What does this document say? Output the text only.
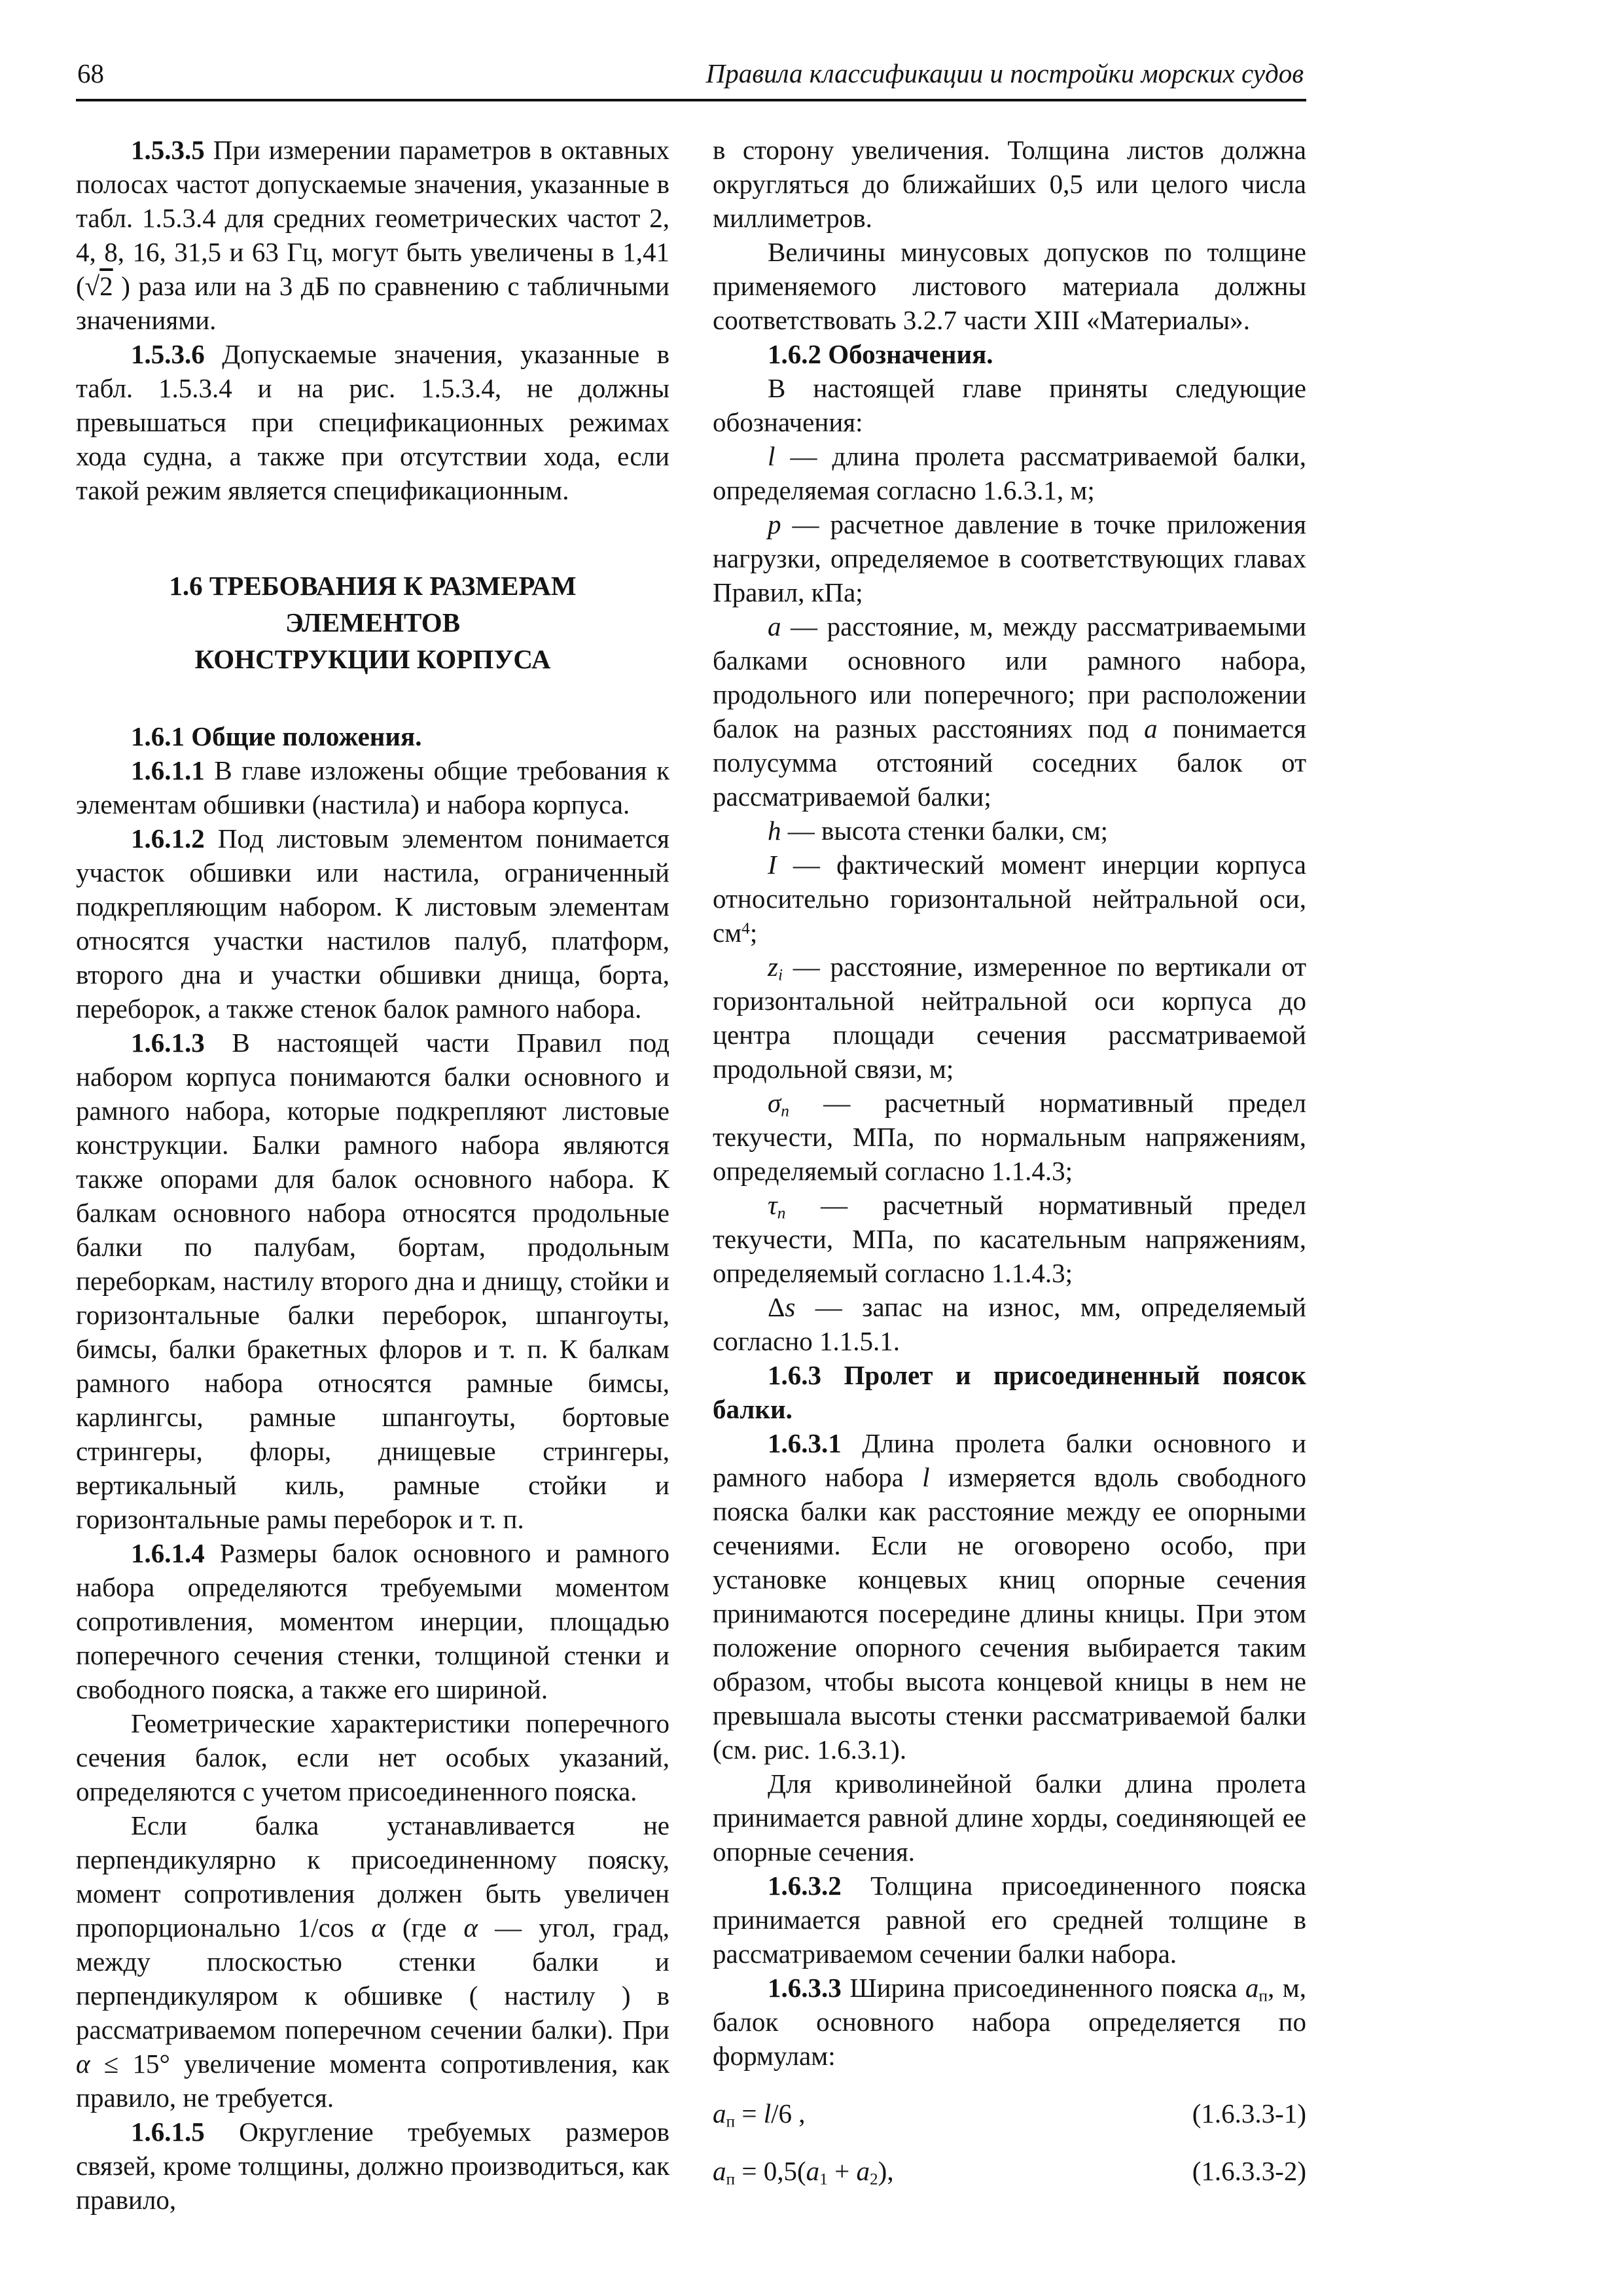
68	Правила классификации и постройки морских судов
1.5.3.5 При измерении параметров в октавных полосах частот допускаемые значения, указанные в табл. 1.5.3.4 для средних геометрических частот 2, 4, 8, 16, 31,5 и 63 Гц, могут быть увеличены в 1,41 (√2 ) раза или на 3 дБ по сравнению с табличными значениями.
1.5.3.6 Допускаемые значения, указанные в табл. 1.5.3.4 и на рис. 1.5.3.4, не должны превышаться при спецификационных режимах хода судна, а также при отсутствии хода, если такой режим является спецификационным.
1.6 ТРЕБОВАНИЯ К РАЗМЕРАМ ЭЛЕМЕНТОВ
КОНСТРУКЦИИ КОРПУСА
1.6.1 Общие положения.
1.6.1.1 В главе изложены общие требования к элементам обшивки (настила) и набора корпуса.
1.6.1.2 Под листовым элементом понимается участок обшивки или настила, ограниченный подкрепляющим набором. К листовым элементам относятся участки настилов палуб, платформ, второго дна и участки обшивки днища, борта, переборок, а также стенок балок рамного набора.
1.6.1.3 В настоящей части Правил под набором корпуса понимаются балки основного и рамного набора, которые подкрепляют листовые конструкции. Балки рамного набора являются также опорами для балок основного набора. К балкам основного набора относятся продольные балки по палубам, бортам, продольным переборкам, настилу второго дна и днищу, стойки и горизонтальные балки переборок, шпангоуты, бимсы, балки бракетных флоров и т. п. К балкам рамного набора относятся рамные бимсы, карлингсы, рамные шпангоуты, бортовые стрингеры, флоры, днищевые стрингеры, вертикальный киль, рамные стойки и горизонтальные рамы переборок и т. п.
1.6.1.4 Размеры балок основного и рамного набора определяются требуемыми моментом сопротивления, моментом инерции, площадью поперечного сечения стенки, толщиной стенки и свободного пояска, а также его шириной.
Геометрические характеристики поперечного сечения балок, если нет особых указаний, определяются с учетом присоединенного пояска.
Если балка устанавливается не перпендикулярно к присоединенному пояску, момент сопротивления должен быть увеличен пропорционально 1/cos α (где α — угол, град, между плоскостью стенки балки и перпендикуляром к обшивке ( настилу ) в рассматриваемом поперечном сечении балки). При α ≤ 15° увеличение момента сопротивления, как правило, не требуется.
1.6.1.5 Округление требуемых размеров связей, кроме толщины, должно производиться, как правило,
в сторону увеличения. Толщина листов должна округляться до ближайших 0,5 или целого числа миллиметров.
Величины минусовых допусков по толщине применяемого листового материала должны соответствовать 3.2.7 части XIII «Материалы».
1.6.2 Обозначения.
В настоящей главе приняты следующие обозначения:
l — длина пролета рассматриваемой балки, определяемая согласно 1.6.3.1, м;
p — расчетное давление в точке приложения нагрузки, определяемое в соответствующих главах Правил, кПа;
a — расстояние, м, между рассматриваемыми балками основного или рамного набора, продольного или поперечного; при расположении балок на разных расстояниях под a понимается полусумма отстояний соседних балок от рассматриваемой балки;
h — высота стенки балки, см;
I — фактический момент инерции корпуса относительно горизонтальной нейтральной оси, $см^4$;
$z_i$ — расстояние, измеренное по вертикали от горизонтальной нейтральной оси корпуса до центра площади сечения рассматриваемой продольной связи, м;
$\sigma_n$ — расчетный нормативный предел текучести, МПа, по нормальным напряжениям, определяемый согласно 1.1.4.3;
$\tau_n$ — расчетный нормативный предел текучести, МПа, по касательным напряжениям, определяемый согласно 1.1.4.3;
Δs — запас на износ, мм, определяемый согласно 1.1.5.1.
1.6.3 Пролет и присоединенный поясок балки.
1.6.3.1 Длина пролета балки основного и рамного набора l измеряется вдоль свободного пояска балки как расстояние между ее опорными сечениями. Если не оговорено особо, при установке концевых книц опорные сечения принимаются посередине длины кницы. При этом положение опорного сечения выбирается таким образом, чтобы высота концевой кницы в нем не превышала высоты стенки рассматриваемой балки (см. рис. 1.6.3.1).
Для криволинейной балки длина пролета принимается равной длине хорды, соединяющей ее опорные сечения.
1.6.3.2 Толщина присоединенного пояска принимается равной его средней толщине в рассматриваемом сечении балки набора.
1.6.3.3 Ширина присоединенного пояска $a_п$, м, балок основного набора определяется по формулам:
$a_п = l/6$ ,	(1.6.3.3-1)
$a_п = 0,5(a_1 + a_2)$,	(1.6.3.3-2)
